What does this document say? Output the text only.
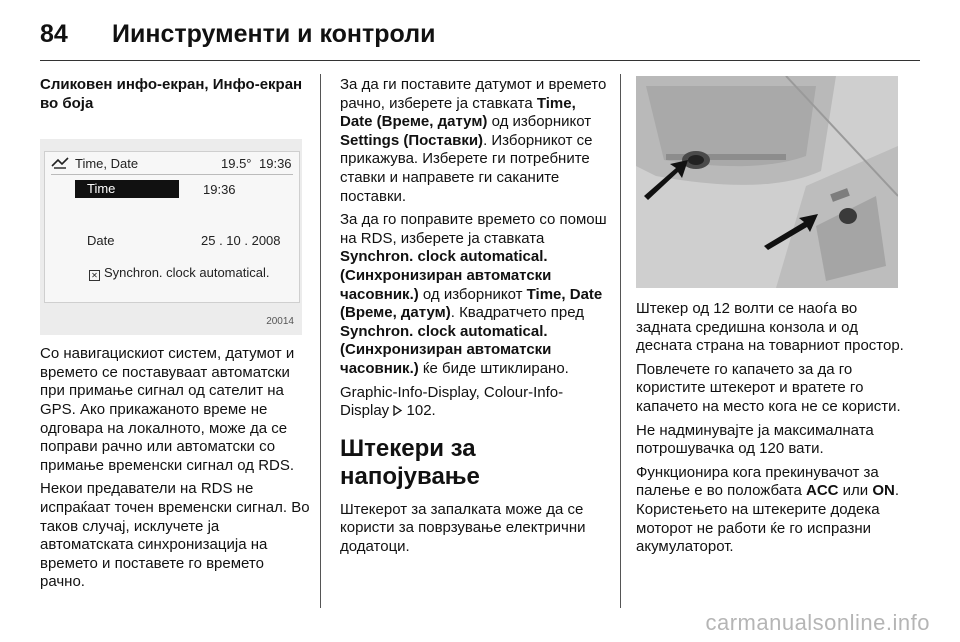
84	Иинструменти и контроли
Сликовен инфо-екран, Инфо-екран во боја
Time, Date	19.5° 19:36
Time	19:36
Date	25 . 10 . 2008
✕ Synchron. clock automatical.
20014

Со навигацискиот систем, датумот и времето се поставуваат автоматски при примање сигнал од сателит на GPS. Ако прикажаното време не одговара на локалното, може да се поправи рачно или автоматски со примање временски сигнал од RDS.

Некои предаватели на RDS не испраќаат точен временски сигнал. Во таков случај, исклучете ја автоматската синхронизација на времето и поставете го времето рачно.

За да ги поставите датумот и времето рачно, изберете ја ставката Time, Date (Време, датум) од изборникот Settings (Поставки). Изборникот се прикажува. Изберете ги потребните ставки и направете ги саканите поставки.

За да го поправите времето со помош на RDS, изберете ја ставката Synchron. clock automatical. (Синхронизиран автоматски часовник.) од изборникот Time, Date (Време, датум). Квадратчето пред Synchron. clock automatical. (Синхронизиран автоматски часовник.) ќе биде штиклирано.

Graphic-Info-Display, Colour-Info-Display  102.

Штекери за напојување

Штекерот за запалката може да се користи за поврзување електрични додатоци.

Штекер од 12 волти се наоѓа во задната средишна конзола и од десната страна на товарниот простор.

Повлечете го капачето за да го користите штекерот и вратете го капачето на место кога не се користи.

Не надминувајте ја максималната потрошувачка од 120 вати.

Функционира кога прекинувачот за палење е во положбата ACC или ON. Користењето на штекерите додека моторот не работи ќе го испразни акумулаторот.

carmanualsonline.info
